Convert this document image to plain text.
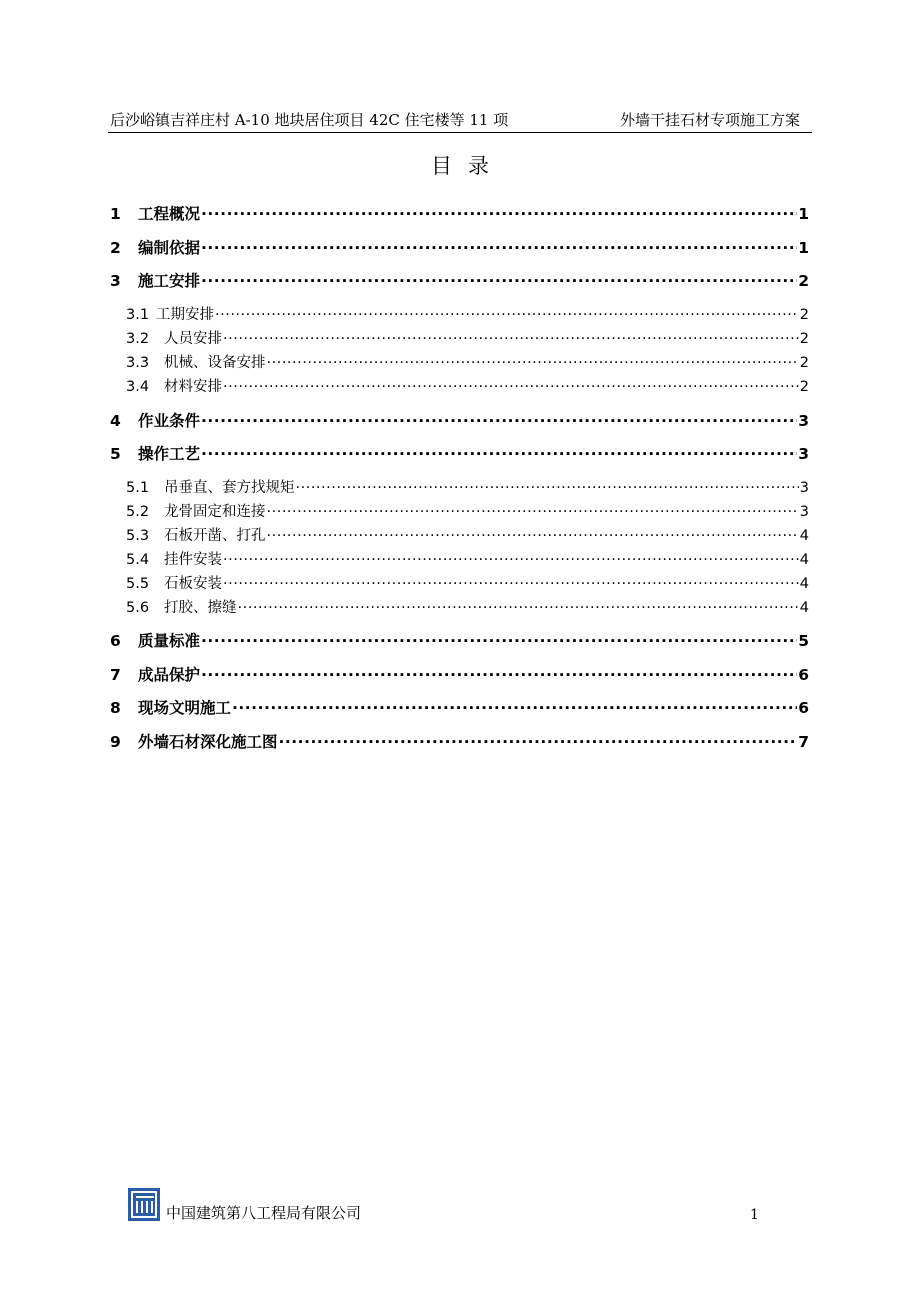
后沙峪镇吉祥庄村 A-10 地块居住项目 42C 住宅楼等 11 项	外墙干挂石材专项施工方案
目录
1	工程概况 .....	1
2	编制依据 .....	1
3	施工安排 .....	2
3.1 工期安排 .....	2
3.2	人员安排 .....	2
3.3	机械、设备安排 .....	2
3.4	材料安排 .....	2
4	作业条件 .....	3
5	操作工艺 .....	3
5.1	吊垂直、套方找规矩 .....	3
5.2	龙骨固定和连接 .....	3
5.3	石板开凿、打孔 .....	4
5.4	挂件安装 .....	4
5.5	石板安装 .....	4
5.6	打胶、擦缝 .....	4
6	质量标准 .....	5
7	成品保护 .....	6
8	现场文明施工 .....	6
9	外墙石材深化施工图 .....	7
中国建筑第八工程局有限公司	1
